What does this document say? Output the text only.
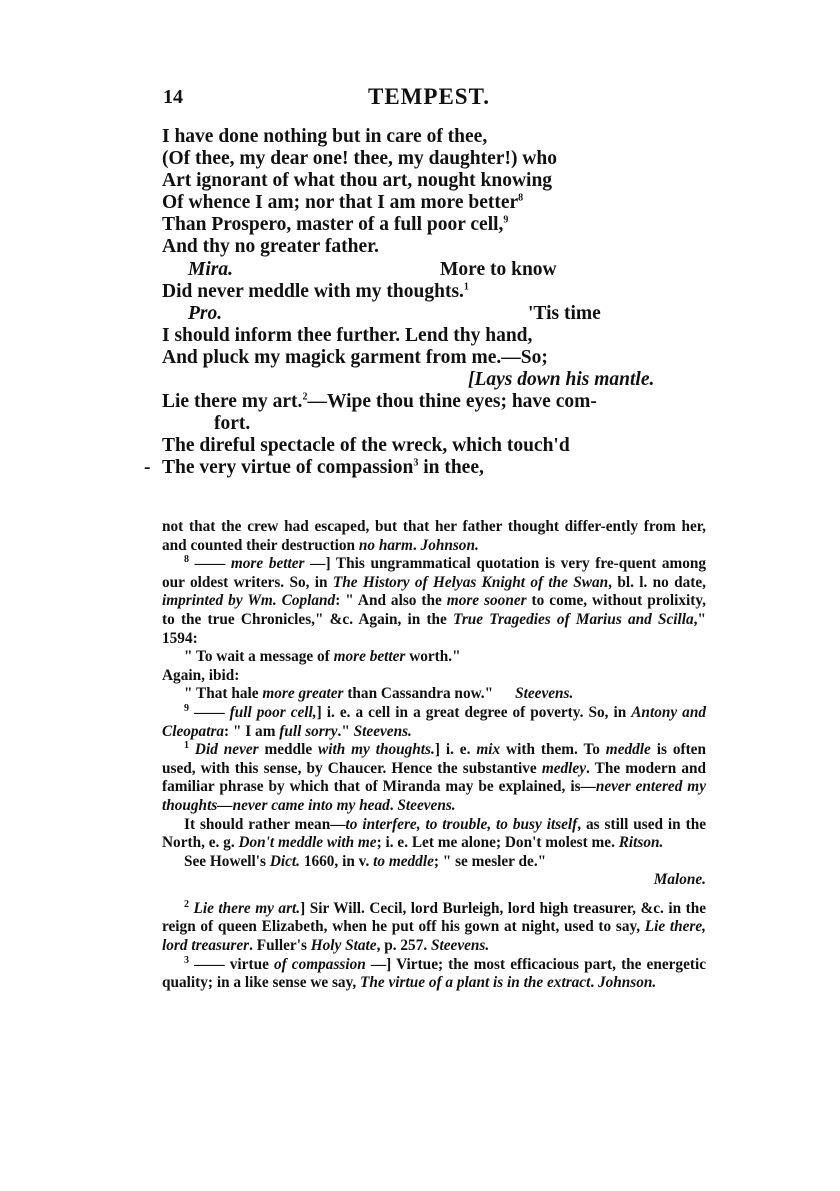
14	TEMPEST.
I have done nothing but in care of thee,
(Of thee, my dear one! thee, my daughter!) who
Art ignorant of what thou art, nought knowing
Of whence I am; nor that I am more better$^8$
Than Prospero, master of a full poor cell,$^9$
And thy no greater father.
Mira.	More to know
Did never meddle with my thoughts.$^1$
Pro.	'Tis time
I should inform thee further. Lend thy hand,
And pluck my magick garment from me.—So;
[Lays down his mantle.
Lie there my art.$^2$—Wipe thou thine eyes; have com-
fort.
The direful spectacle of the wreck, which touch'd
- The very virtue of compassion$^3$ in thee,

not that the crew had escaped, but that her father thought differ-ently from her, and counted their destruction no harm. Johnson.

$^8$ —— more better —] This ungrammatical quotation is very fre-quent among our oldest writers. So, in The History of Helyas Knight of the Swan, bl. l. no date, imprinted by Wm. Copland: " And also the more sooner to come, without prolixity, to the true Chronicles," &c. Again, in the True Tragedies of Marius and Scilla," 1594:

" To wait a message of more better worth."

Again, ibid:

" That hale more greater than Cassandra now." Steevens.

$^9$ —— full poor cell,] i. e. a cell in a great degree of poverty. So, in Antony and Cleopatra: " I am full sorry." Steevens.

$^1$ Did never meddle with my thoughts.] i. e. mix with them. To meddle is often used, with this sense, by Chaucer. Hence the substantive medley. The modern and familiar phrase by which that of Miranda may be explained, is—never entered my thoughts—never came into my head. Steevens.

It should rather mean—to interfere, to trouble, to busy itself, as still used in the North, e. g. Don't meddle with me; i. e. Let me alone; Don't molest me. Ritson.

See Howell's Dict. 1660, in v. to meddle; " se mesler de."

Malone.

$^2$ Lie there my art.] Sir Will. Cecil, lord Burleigh, lord high treasurer, &c. in the reign of queen Elizabeth, when he put off his gown at night, used to say, Lie there, lord treasurer. Fuller's Holy State, p. 257. Steevens.

$^3$ —— virtue of compassion —] Virtue; the most efficacious part, the energetic quality; in a like sense we say, The virtue of a plant is in the extract. Johnson.
